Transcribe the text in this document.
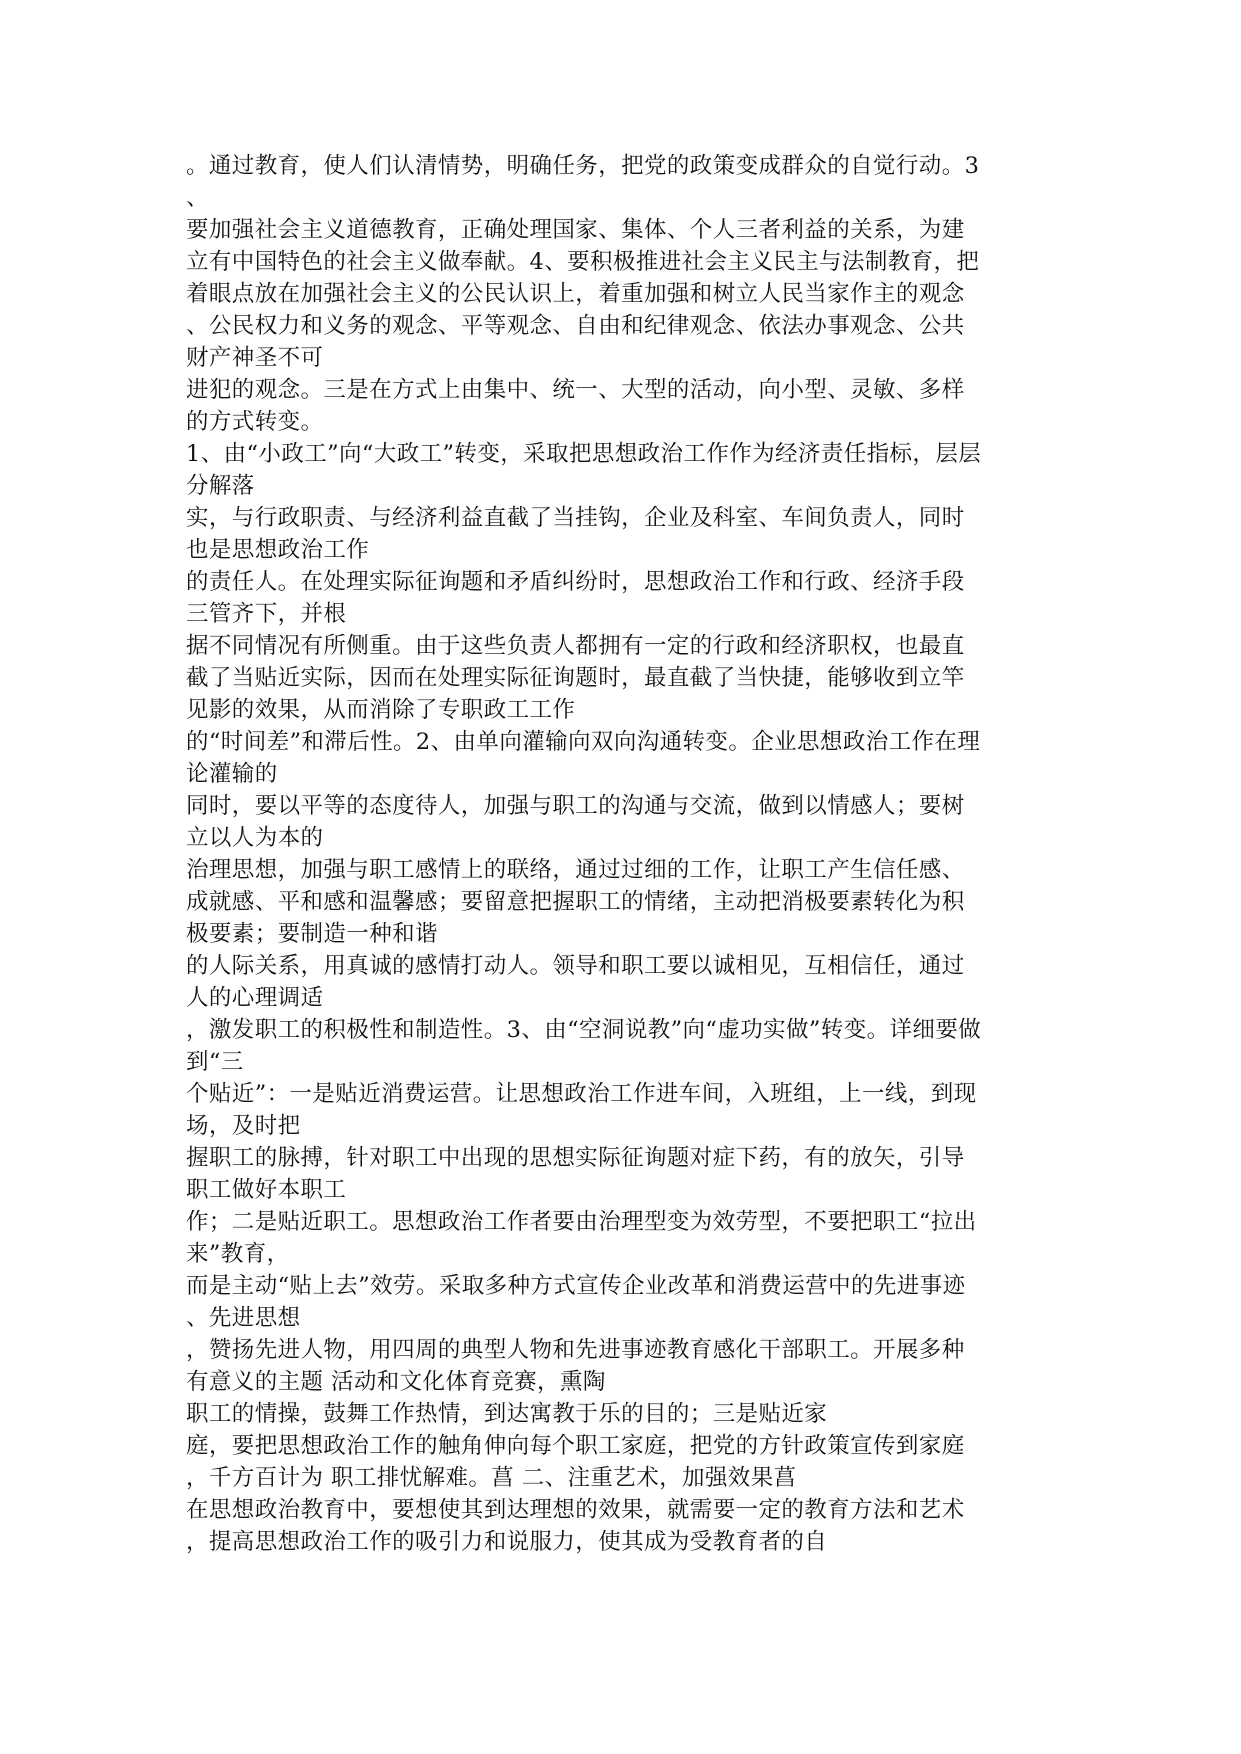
。通过教育，使人们认清情势，明确任务，把党的政策变成群众的自觉行动。3
、
要加强社会主义道德教育，正确处理国家、集体、个人三者利益的关系，为建
立有中国特色的社会主义做奉献。4、要积极推进社会主义民主与法制教育，把
着眼点放在加强社会主义的公民认识上，着重加强和树立人民当家作主的观念
、公民权力和义务的观念、平等观念、自由和纪律观念、依法办事观念、公共
财产神圣不可
进犯的观念。三是在方式上由集中、统一、大型的活动，向小型、灵敏、多样
的方式转变。
1、由“小政工”向“大政工”转变，采取把思想政治工作作为经济责任指标，层层
分解落
实，与行政职责、与经济利益直截了当挂钩，企业及科室、车间负责人，同时
也是思想政治工作
的责任人。在处理实际征询题和矛盾纠纷时，思想政治工作和行政、经济手段
三管齐下，并根
据不同情况有所侧重。由于这些负责人都拥有一定的行政和经济职权，也最直
截了当贴近实际，因而在处理实际征询题时，最直截了当快捷，能够收到立竿
见影的效果，从而消除了专职政工工作
的“时间差”和滞后性。2、由单向灌输向双向沟通转变。企业思想政治工作在理
论灌输的
同时，要以平等的态度待人，加强与职工的沟通与交流，做到以情感人；要树
立以人为本的
治理思想，加强与职工感情上的联络，通过过细的工作，让职工产生信任感、
成就感、平和感和温馨感；要留意把握职工的情绪，主动把消极要素转化为积
极要素；要制造一种和谐
的人际关系，用真诚的感情打动人。领导和职工要以诚相见，互相信任，通过
人的心理调适
，激发职工的积极性和制造性。3、由“空洞说教”向“虚功实做”转变。详细要做
到“三
个贴近”：一是贴近消费运营。让思想政治工作进车间，入班组，上一线，到现
场，及时把
握职工的脉搏，针对职工中出现的思想实际征询题对症下药，有的放矢，引导
职工做好本职工
作；二是贴近职工。思想政治工作者要由治理型变为效劳型，不要把职工“拉出
来”教育，
而是主动“贴上去”效劳。采取多种方式宣传企业改革和消费运营中的先进事迹
、先进思想
，赞扬先进人物，用四周的典型人物和先进事迹教育感化干部职工。开展多种
有意义的主题 活动和文化体育竞赛，熏陶
职工的情操，鼓舞工作热情，到达寓教于乐的目的；三是贴近家
庭，要把思想政治工作的触角伸向每个职工家庭，把党的方针政策宣传到家庭
，千方百计为 职工排忧解难。菖 二、注重艺术，加强效果菖
在思想政治教育中，要想使其到达理想的效果，就需要一定的教育方法和艺术
，提高思想政治工作的吸引力和说服力，使其成为受教育者的自
